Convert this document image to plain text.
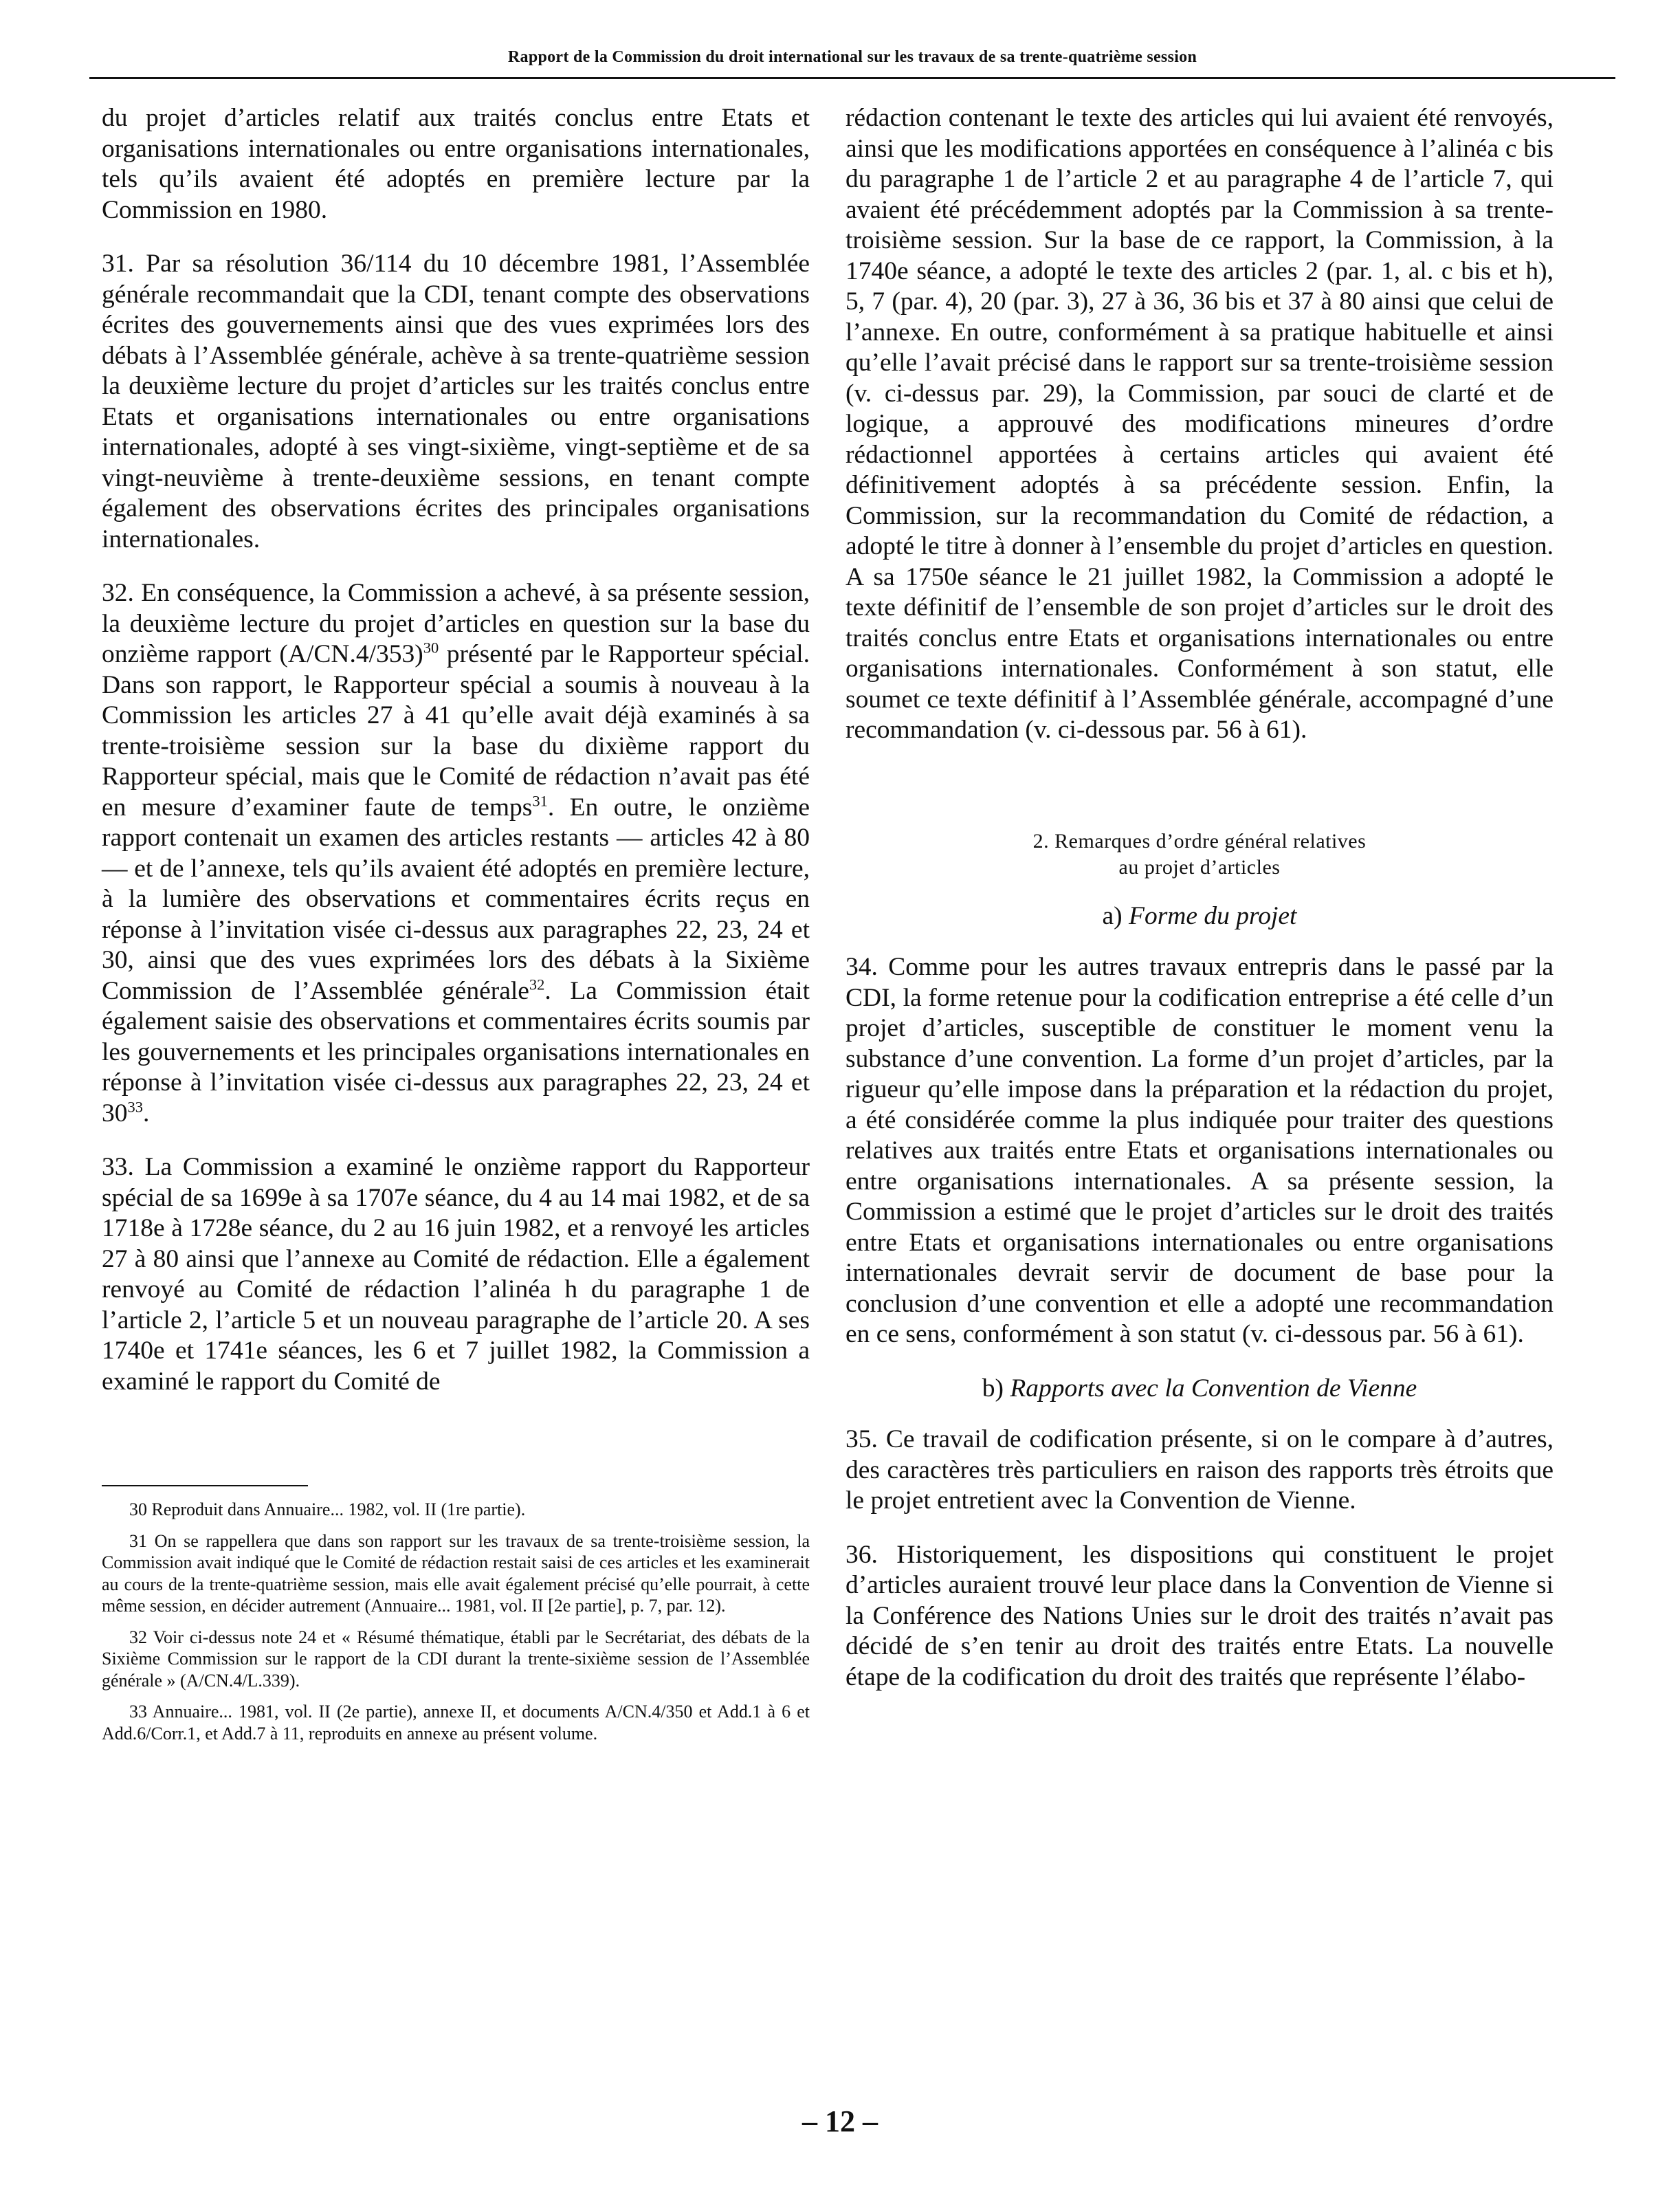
Rapport de la Commission du droit international sur les travaux de sa trente-quatrième session

du projet d’articles relatif aux traités conclus entre Etats et organisations internationales ou entre organisations internationales, tels qu’ils avaient été adoptés en première lecture par la Commission en 1980.

31. Par sa résolution 36/114 du 10 décembre 1981, l’Assemblée générale recommandait que la CDI, tenant compte des observations écrites des gouvernements ainsi que des vues exprimées lors des débats à l’Assemblée générale, achève à sa trente-quatrième session la deuxième lecture du projet d’articles sur les traités conclus entre Etats et organisations internationales ou entre organisations internationales, adopté à ses vingt-sixième, vingt-septième et de sa vingt-neuvième à trente-deuxième sessions, en tenant compte également des observations écrites des principales organisations internationales.

32. En conséquence, la Commission a achevé, à sa présente session, la deuxième lecture du projet d’articles en question sur la base du onzième rapport $(A/CN.4/353)^{30}$ présenté par le Rapporteur spécial. Dans son rapport, le Rapporteur spécial a soumis à nouveau à la Commission les articles 27 à 41 qu’elle avait déjà examinés à sa trente-troisième session sur la base du dixième rapport du Rapporteur spécial, mais que le Comité de rédaction n’avait pas été en mesure d’examiner faute de temps$^{31}$. En outre, le onzième rapport contenait un examen des articles restants — articles 42 à 80 — et de l’annexe, tels qu’ils avaient été adoptés en première lecture, à la lumière des observations et commentaires écrits reçus en réponse à l’invitation visée ci-dessus aux paragraphes 22, 23, 24 et 30, ainsi que des vues exprimées lors des débats à la Sixième Commission de l’Assemblée générale$^{32}$. La Commission était également saisie des observations et commentaires écrits soumis par les gouvernements et les principales organisations internationales en réponse à l’invitation visée ci-dessus aux paragraphes 22, 23, 24 et $30^{33}$.

33. La Commission a examiné le onzième rapport du Rapporteur spécial de sa 1699e à sa 1707e séance, du 4 au 14 mai 1982, et de sa 1718e à 1728e séance, du 2 au 16 juin 1982, et a renvoyé les articles 27 à 80 ainsi que l’annexe au Comité de rédaction. Elle a également renvoyé au Comité de rédaction l’alinéa h du paragraphe 1 de l’article 2, l’article 5 et un nouveau paragraphe de l’article 20. A ses 1740e et 1741e séances, les 6 et 7 juillet 1982, la Commission a examiné le rapport du Comité de

rédaction contenant le texte des articles qui lui avaient été renvoyés, ainsi que les modifications apportées en conséquence à l’alinéa c bis du paragraphe 1 de l’article 2 et au paragraphe 4 de l’article 7, qui avaient été précédemment adoptés par la Commission à sa trente-troisième session. Sur la base de ce rapport, la Commission, à la 1740e séance, a adopté le texte des articles 2 (par. 1, al. c bis et h), 5, 7 (par. 4), 20 (par. 3), 27 à 36, 36 bis et 37 à 80 ainsi que celui de l’annexe. En outre, conformément à sa pratique habituelle et ainsi qu’elle l’avait précisé dans le rapport sur sa trente-troisième session (v. ci-dessus par. 29), la Commission, par souci de clarté et de logique, a approuvé des modifications mineures d’ordre rédactionnel apportées à certains articles qui avaient été définitivement adoptés à sa précédente session. Enfin, la Commission, sur la recommandation du Comité de rédaction, a adopté le titre à donner à l’ensemble du projet d’articles en question. A sa 1750e séance le 21 juillet 1982, la Commission a adopté le texte définitif de l’ensemble de son projet d’articles sur le droit des traités conclus entre Etats et organisations internationales ou entre organisations internationales. Conformément à son statut, elle soumet ce texte définitif à l’Assemblée générale, accompagné d’une recommandation (v. ci-dessous par. 56 à 61).

2. Remarques d’ordre général relatives
au projet d’articles
a) Forme du projet

34. Comme pour les autres travaux entrepris dans le passé par la CDI, la forme retenue pour la codification entreprise a été celle d’un projet d’articles, susceptible de constituer le moment venu la substance d’une convention. La forme d’un projet d’articles, par la rigueur qu’elle impose dans la préparation et la rédaction du projet, a été considérée comme la plus indiquée pour traiter des questions relatives aux traités entre Etats et organisations internationales ou entre organisations internationales. A sa présente session, la Commission a estimé que le projet d’articles sur le droit des traités entre Etats et organisations internationales ou entre organisations internationales devrait servir de document de base pour la conclusion d’une convention et elle a adopté une recommandation en ce sens, conformément à son statut (v. ci-dessous par. 56 à 61).

b) Rapports avec la Convention de Vienne

35. Ce travail de codification présente, si on le compare à d’autres, des caractères très particuliers en raison des rapports très étroits que le projet entretient avec la Convention de Vienne.

36. Historiquement, les dispositions qui constituent le projet d’articles auraient trouvé leur place dans la Convention de Vienne si la Conférence des Nations Unies sur le droit des traités n’avait pas décidé de s’en tenir au droit des traités entre Etats. La nouvelle étape de la codification du droit des traités que représente l’élabo-

30 Reproduit dans Annuaire... 1982, vol. II (1re partie).

31 On se rappellera que dans son rapport sur les travaux de sa trente-troisième session, la Commission avait indiqué que le Comité de rédaction restait saisi de ces articles et les examinerait au cours de la trente-quatrième session, mais elle avait également précisé qu’elle pourrait, à cette même session, en décider autrement (Annuaire... 1981, vol. II [2e partie], p. 7, par. 12).

32 Voir ci-dessus note 24 et « Résumé thématique, établi par le Secrétariat, des débats de la Sixième Commission sur le rapport de la CDI durant la trente-sixième session de l’Assemblée générale » (A/CN.4/L.339).

33 Annuaire... 1981, vol. II (2e partie), annexe II, et documents A/CN.4/350 et Add.1 à 6 et Add.6/Corr.1, et Add.7 à 11, reproduits en annexe au présent volume.

– 12 –
